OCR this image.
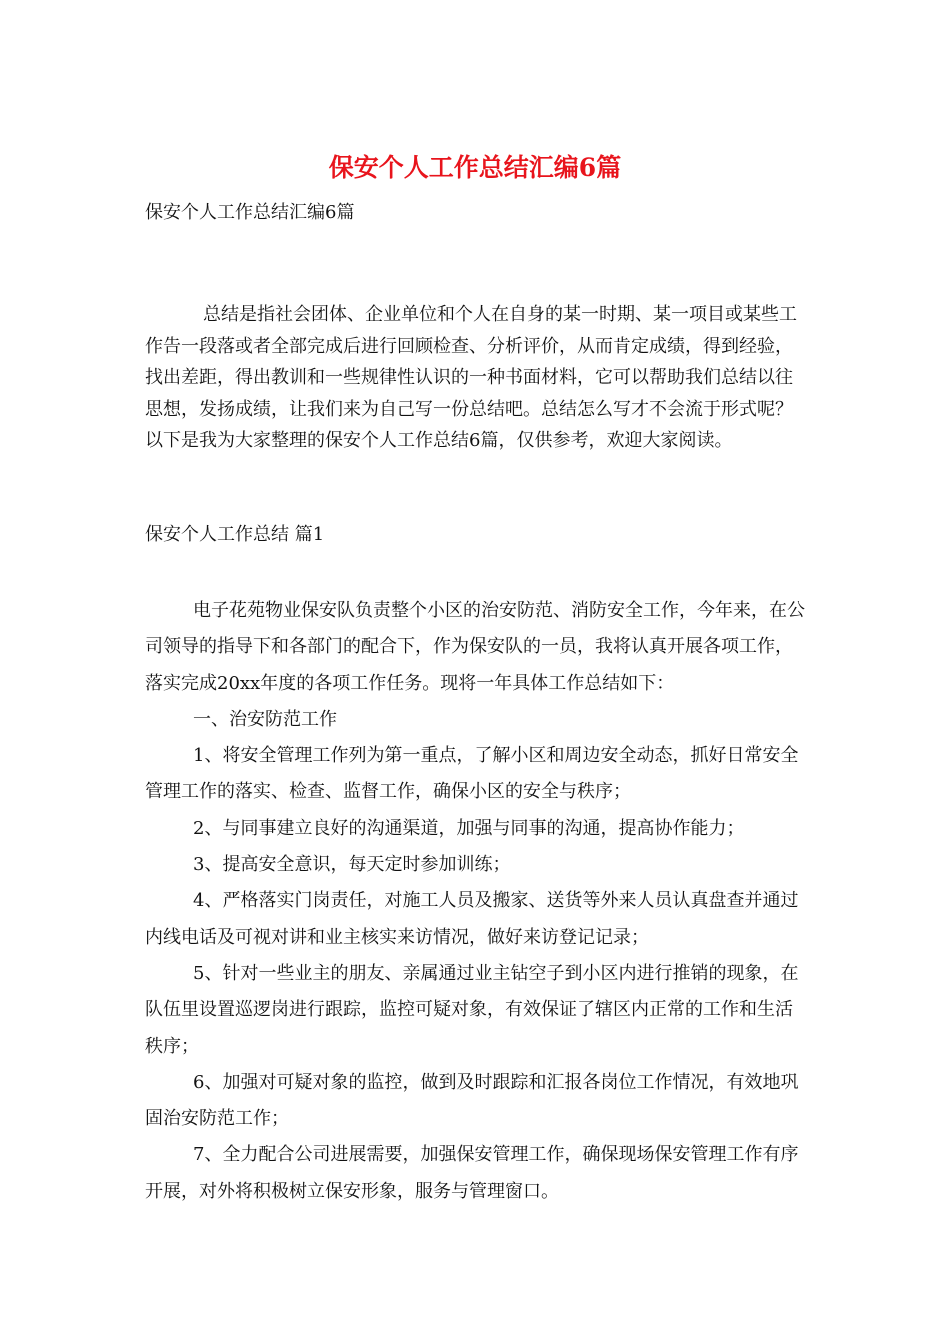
保安个人工作总结汇编6篇

保安个人工作总结汇编6篇

总结是指社会团体、企业单位和个人在自身的某一时期、某一项目或某些工作告一段落或者全部完成后进行回顾检查、分析评价，从而肯定成绩，得到经验，找出差距，得出教训和一些规律性认识的一种书面材料，它可以帮助我们总结以往思想，发扬成绩，让我们来为自己写一份总结吧。总结怎么写才不会流于形式呢？以下是我为大家整理的保安个人工作总结6篇，仅供参考，欢迎大家阅读。

保安个人工作总结 篇1

电子花苑物业保安队负责整个小区的治安防范、消防安全工作，今年来，在公司领导的指导下和各部门的配合下，作为保安队的一员，我将认真开展各项工作，落实完成20xx年度的各项工作任务。现将一年具体工作总结如下：

一、治安防范工作

1、将安全管理工作列为第一重点，了解小区和周边安全动态，抓好日常安全管理工作的落实、检查、监督工作，确保小区的安全与秩序；

2、与同事建立良好的沟通渠道，加强与同事的沟通，提高协作能力；

3、提高安全意识，每天定时参加训练；

4、严格落实门岗责任，对施工人员及搬家、送货等外来人员认真盘查并通过内线电话及可视对讲和业主核实来访情况，做好来访登记记录；

5、针对一些业主的朋友、亲属通过业主钻空子到小区内进行推销的现象，在队伍里设置巡逻岗进行跟踪，监控可疑对象，有效保证了辖区内正常的工作和生活秩序；

6、加强对可疑对象的监控，做到及时跟踪和汇报各岗位工作情况，有效地巩固治安防范工作；

7、全力配合公司进展需要，加强保安管理工作，确保现场保安管理工作有序开展，对外将积极树立保安形象，服务与管理窗口。
